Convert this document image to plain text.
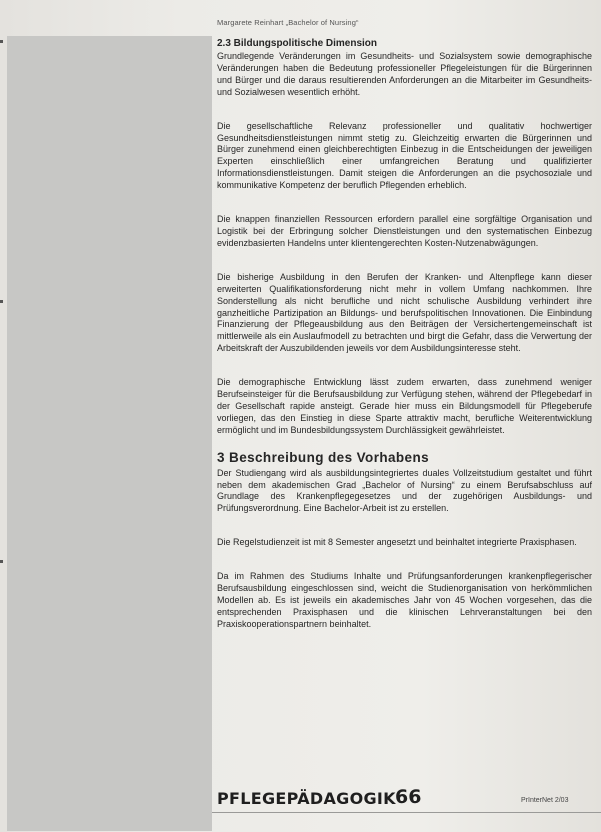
Margarete Reinhart „Bachelor of Nursing“
2.3 Bildungspolitische Dimension

Grundlegende Veränderungen im Gesundheits- und Sozialsystem sowie demographische Veränderungen haben die Bedeutung professioneller Pflegeleistungen für die Bürgerinnen und Bürger und die daraus resultierenden Anforderungen an die Mitarbeiter im Gesundheits- und Sozialwesen wesentlich erhöht.

Die gesellschaftliche Relevanz professioneller und qualitativ hochwertiger Gesundheitsdienstleistungen nimmt stetig zu. Gleichzeitig erwarten die Bürgerinnen und Bürger zunehmend einen gleichberechtigten Einbezug in die Entscheidungen der jeweiligen Experten einschließlich einer umfangreichen Beratung und qualifizierter Informationsdienstleistungen. Damit steigen die Anforderungen an die psychosoziale und kommunikative Kompetenz der beruflich Pflegenden erheblich.

Die knappen finanziellen Ressourcen erfordern parallel eine sorgfältige Organisation und Logistik bei der Erbringung solcher Dienstleistungen und den systematischen Einbezug evidenzbasierten Handelns unter klientengerechten Kosten-Nutzenabwägungen.

Die bisherige Ausbildung in den Berufen der Kranken- und Altenpflege kann dieser erweiterten Qualifikationsforderung nicht mehr in vollem Umfang nachkommen. Ihre Sonderstellung als nicht berufliche und nicht schulische Ausbildung verhindert ihre ganzheitliche Partizipation an Bildungs- und berufspolitischen Innovationen. Die Einbindung Finanzierung der Pflegeausbildung aus den Beiträgen der Versichertengemeinschaft ist mittlerweile als ein Auslaufmodell zu betrachten und birgt die Gefahr, dass die Verwertung der Arbeitskraft der Auszubildenden jeweils vor dem Ausbildungsinteresse steht.

Die demographische Entwicklung lässt zudem erwarten, dass zunehmend weniger Berufseinsteiger für die Berufsausbildung zur Verfügung stehen, während der Pflegebedarf in der Gesellschaft rapide ansteigt. Gerade hier muss ein Bildungsmodell für Pflegeberufe vorliegen, das den Einstieg in diese Sparte attraktiv macht, berufliche Weiterentwicklung ermöglicht und im Bundesbildungssystem Durchlässigkeit gewährleistet.

3 Beschreibung des Vorhabens

Der Studiengang wird als ausbildungsintegriertes duales Vollzeitstudium gestaltet und führt neben dem akademischen Grad „Bachelor of Nursing“ zu einem Berufsabschluss auf Grundlage des Krankenpflegegesetzes und der zugehörigen Ausbildungs- und Prüfungsverordnung. Eine Bachelor-Arbeit ist zu erstellen.

Die Regelstudienzeit ist mit 8 Semester angesetzt und beinhaltet integrierte Praxisphasen.

Da im Rahmen des Studiums Inhalte und Prüfungsanforderungen krankenpflegerischer Berufsausbildung eingeschlossen sind, weicht die Studienorganisation von herkömmlichen Modellen ab. Es ist jeweils ein akademisches Jahr von 45 Wochen vorgesehen, das die entsprechenden Praxisphasen und die klinischen Lehrveranstaltungen bei den Praxiskooperationspartnern beinhaltet.

PFLEGEPÄDAGOGIK 66	PrInterNet 2/03
